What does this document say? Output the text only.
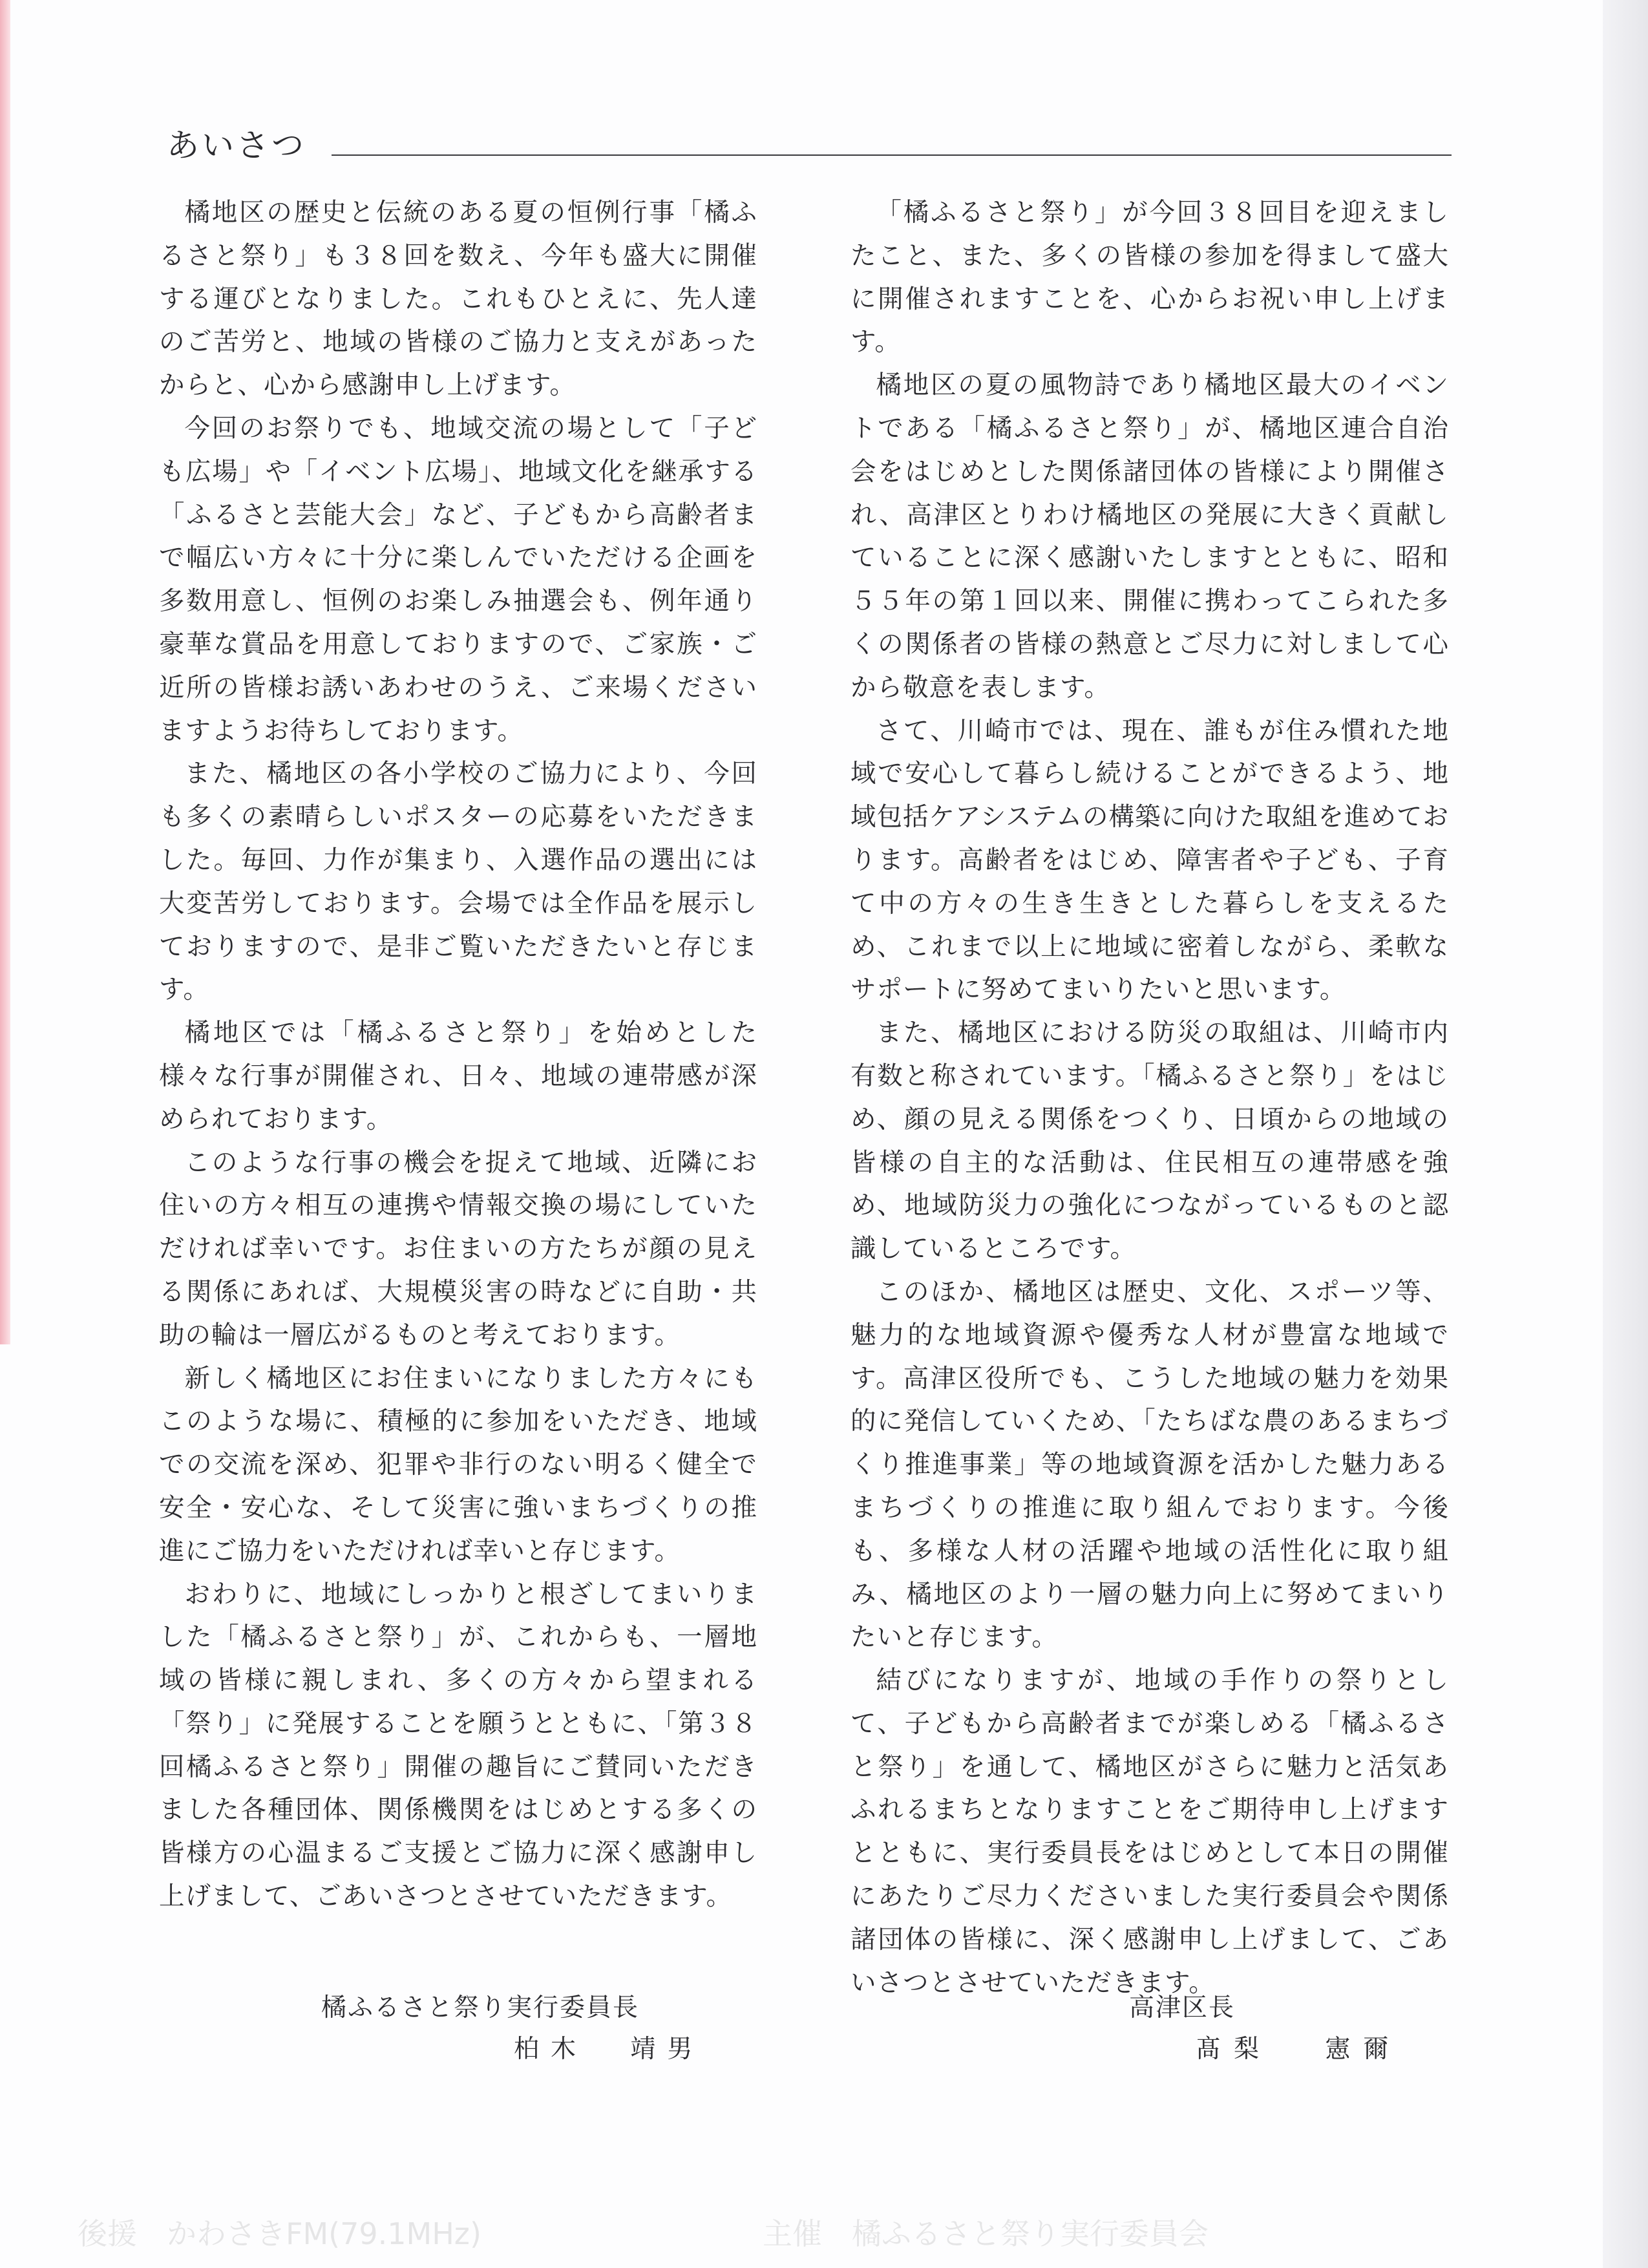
あいさつ

橘地区の歴史と伝統のある夏の恒例行事「橘ふるさと祭り」も３８回を数え、今年も盛大に開催する運びとなりました。これもひとえに、先人達のご苦労と、地域の皆様のご協力と支えがあったからと、心から感謝申し上げます。

今回のお祭りでも、地域交流の場として「子ども広場」や「イベント広場」、地域文化を継承する「ふるさと芸能大会」など、子どもから高齢者まで幅広い方々に十分に楽しんでいただける企画を多数用意し、恒例のお楽しみ抽選会も、例年通り豪華な賞品を用意しておりますので、ご家族・ご近所の皆様お誘いあわせのうえ、ご来場くださいますようお待ちしております。

また、橘地区の各小学校のご協力により、今回も多くの素晴らしいポスターの応募をいただきました。毎回、力作が集まり、入選作品の選出には大変苦労しております。会場では全作品を展示しておりますので、是非ご覧いただきたいと存じます。

橘地区では「橘ふるさと祭り」を始めとした様々な行事が開催され、日々、地域の連帯感が深められております。

このような行事の機会を捉えて地域、近隣にお住いの方々相互の連携や情報交換の場にしていただければ幸いです。お住まいの方たちが顔の見える関係にあれば、大規模災害の時などに自助・共助の輪は一層広がるものと考えております。

新しく橘地区にお住まいになりました方々にもこのような場に、積極的に参加をいただき、地域での交流を深め、犯罪や非行のない明るく健全で安全・安心な、そして災害に強いまちづくりの推進にご協力をいただければ幸いと存じます。

おわりに、地域にしっかりと根ざしてまいりました「橘ふるさと祭り」が、これからも、一層地域の皆様に親しまれ、多くの方々から望まれる「祭り」に発展することを願うとともに、「第３８回橘ふるさと祭り」開催の趣旨にご賛同いただきました各種団体、関係機関をはじめとする多くの皆様方の心温まるご支援とご協力に深く感謝申し上げまして、ごあいさつとさせていただきます。

「橘ふるさと祭り」が今回３８回目を迎えましたこと、また、多くの皆様の参加を得まして盛大に開催されますことを、心からお祝い申し上げます。

橘地区の夏の風物詩であり橘地区最大のイベントである「橘ふるさと祭り」が、橘地区連合自治会をはじめとした関係諸団体の皆様により開催され、高津区とりわけ橘地区の発展に大きく貢献していることに深く感謝いたしますとともに、昭和５５年の第１回以来、開催に携わってこられた多くの関係者の皆様の熱意とご尽力に対しまして心から敬意を表します。

さて、川崎市では、現在、誰もが住み慣れた地域で安心して暮らし続けることができるよう、地域包括ケアシステムの構築に向けた取組を進めております。高齢者をはじめ、障害者や子ども、子育て中の方々の生き生きとした暮らしを支えるため、これまで以上に地域に密着しながら、柔軟なサポートに努めてまいりたいと思います。

また、橘地区における防災の取組は、川崎市内有数と称されています。「橘ふるさと祭り」をはじめ、顔の見える関係をつくり、日頃からの地域の皆様の自主的な活動は、住民相互の連帯感を強め、地域防災力の強化につながっているものと認識しているところです。

このほか、橘地区は歴史、文化、スポーツ等、魅力的な地域資源や優秀な人材が豊富な地域です。高津区役所でも、こうした地域の魅力を効果的に発信していくため、「たちばな農のあるまちづくり推進事業」等の地域資源を活かした魅力あるまちづくりの推進に取り組んでおります。今後も、多様な人材の活躍や地域の活性化に取り組み、橘地区のより一層の魅力向上に努めてまいりたいと存じます。

結びになりますが、地域の手作りの祭りとして、子どもから高齢者までが楽しめる「橘ふるさと祭り」を通して、橘地区がさらに魅力と活気あふれるまちとなりますことをご期待申し上げますとともに、実行委員長をはじめとして本日の開催にあたりご尽力くださいました実行委員会や関係諸団体の皆様に、深く感謝申し上げまして、ごあいさつとさせていただきます。

橘ふるさと祭り実行委員長
柏木 靖男
高津区長
髙梨 憲爾
主催　橘ふるさと祭り実行委員会
後援　かわさきFM(79.1MHz)
